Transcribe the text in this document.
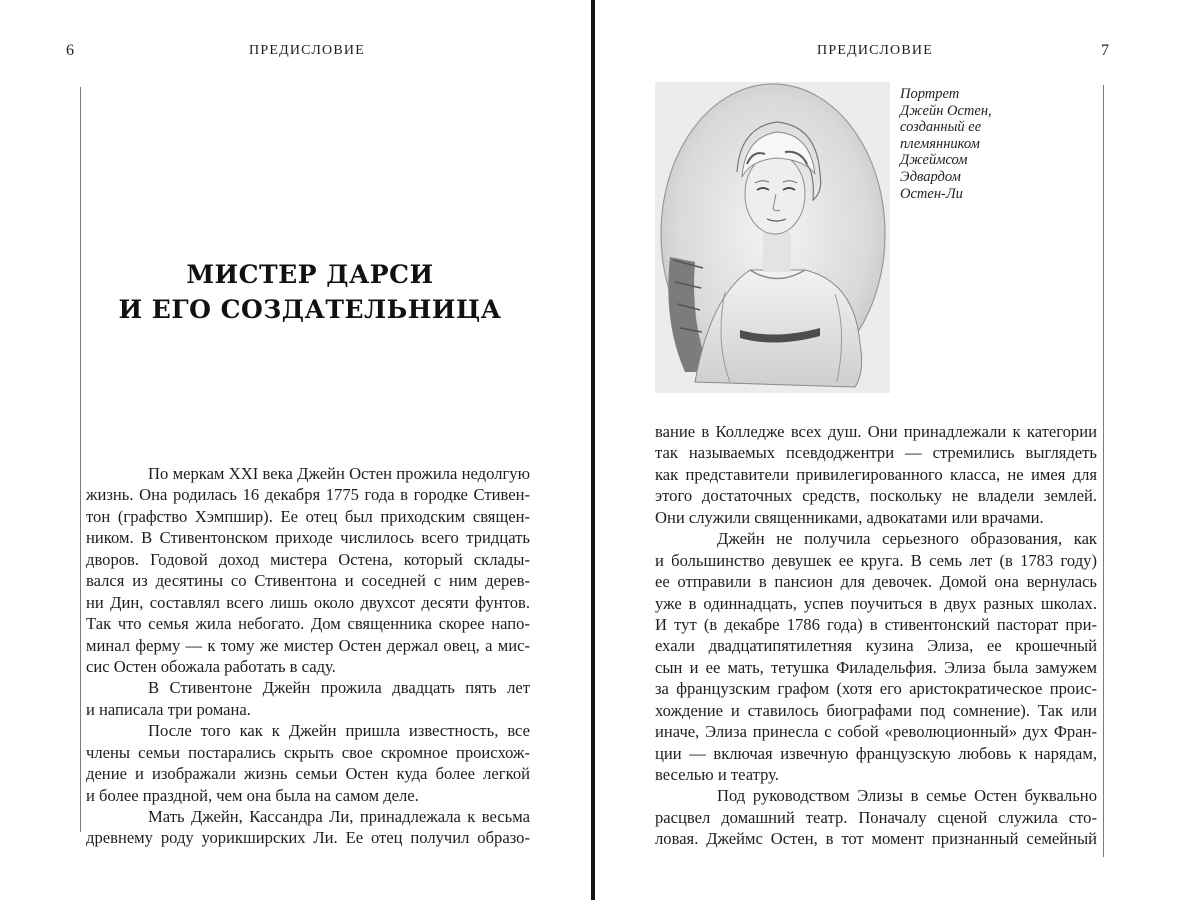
6	ПРЕДИСЛОВИЕ
МИСТЕР ДАРСИ
И ЕГО СОЗДАТЕЛЬНИЦА
По меркам XXI века Джейн Остен прожила недолгую
жизнь. Она родилась 16 декабря 1775 года в городке Стивен-
тон (графство Хэмпшир). Ее отец был приходским священ-
ником. В Стивентонском приходе числилось всего тридцать
дворов. Годовой доход мистера Остена, который склады-
вался из десятины со Стивентона и соседней с ним дерев-
ни Дин, составлял всего лишь около двухсот десяти фунтов.
Так что семья жила небогато. Дом священника скорее напо-
минал ферму — к тому же мистер Остен держал овец, а мис-
сис Остен обожала работать в саду.
В Стивентоне Джейн прожила двадцать пять лет
и написала три романа.
После того как к Джейн пришла известность, все
члены семьи постарались скрыть свое скромное происхож-
дение и изображали жизнь семьи Остен куда более легкой
и более праздной, чем она была на самом деле.
Мать Джейн, Кассандра Ли, принадлежала к весьма
древнему роду уорикширских Ли. Ее отец получил образо-
ПРЕДИСЛОВИЕ	7
Портрет
Джейн Остен,
созданный ее
племянником
Джеймсом
Эдвардом
Остен-Ли
вание в Колледже всех душ. Они принадлежали к категории
так называемых псевдоджентри — стремились выглядеть
как представители привилегированного класса, не имея для
этого достаточных средств, поскольку не владели землей.
Они служили священниками, адвокатами или врачами.
Джейн не получила серьезного образования, как
и большинство девушек ее круга. В семь лет (в 1783 году)
ее отправили в пансион для девочек. Домой она вернулась
уже в одиннадцать, успев поучиться в двух разных школах.
И тут (в декабре 1786 года) в стивентонский пасторат при-
ехали двадцатипятилетняя кузина Элиза, ее крошечный
сын и ее мать, тетушка Филадельфия. Элиза была замужем
за французским графом (хотя его аристократическое проис-
хождение и ставилось биографами под сомнение). Так или
иначе, Элиза принесла с собой «революционный» дух Фран-
ции — включая извечную французскую любовь к нарядам,
веселью и театру.
Под руководством Элизы в семье Остен буквально
расцвел домашний театр. Поначалу сценой служила сто-
ловая. Джеймс Остен, в тот момент признанный семейный
